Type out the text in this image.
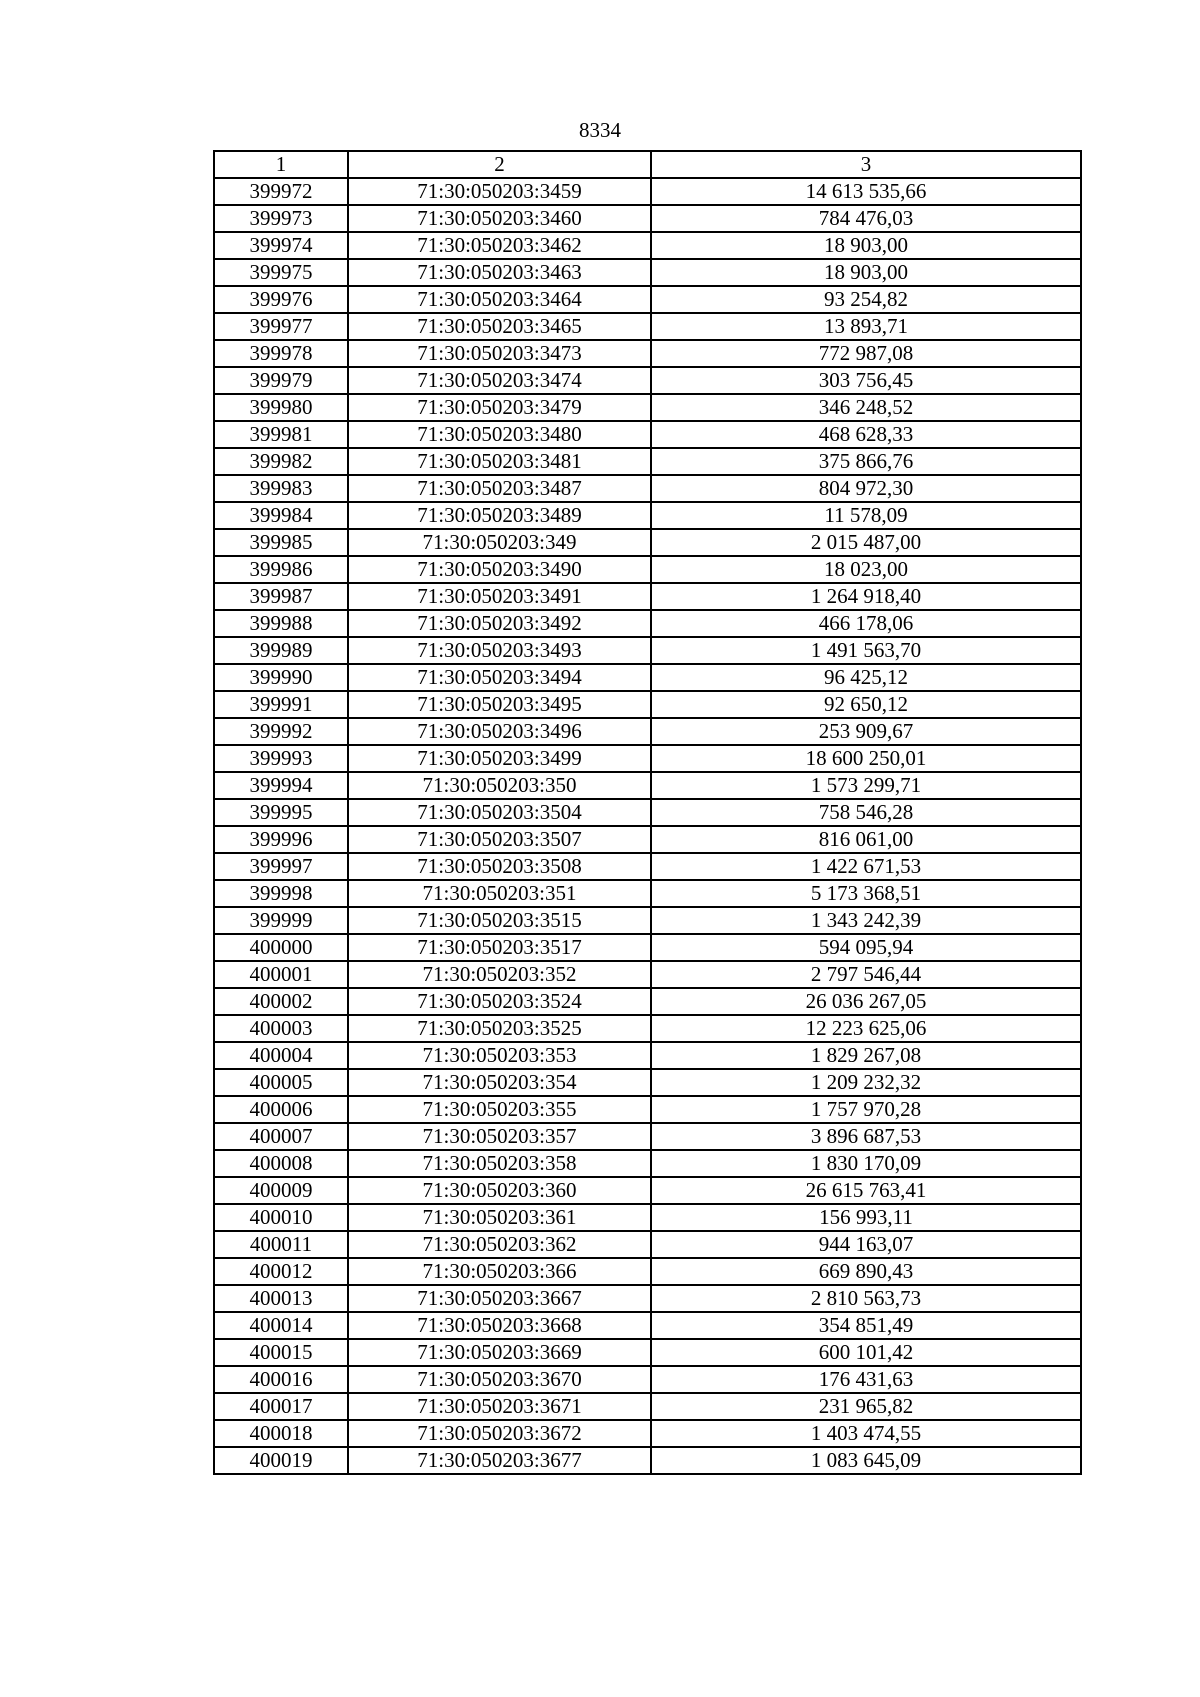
8334
1	2	3
399972	71:30:050203:3459	14 613 535,66
399973	71:30:050203:3460	784 476,03
399974	71:30:050203:3462	18 903,00
399975	71:30:050203:3463	18 903,00
399976	71:30:050203:3464	93 254,82
399977	71:30:050203:3465	13 893,71
399978	71:30:050203:3473	772 987,08
399979	71:30:050203:3474	303 756,45
399980	71:30:050203:3479	346 248,52
399981	71:30:050203:3480	468 628,33
399982	71:30:050203:3481	375 866,76
399983	71:30:050203:3487	804 972,30
399984	71:30:050203:3489	11 578,09
399985	71:30:050203:349	2 015 487,00
399986	71:30:050203:3490	18 023,00
399987	71:30:050203:3491	1 264 918,40
399988	71:30:050203:3492	466 178,06
399989	71:30:050203:3493	1 491 563,70
399990	71:30:050203:3494	96 425,12
399991	71:30:050203:3495	92 650,12
399992	71:30:050203:3496	253 909,67
399993	71:30:050203:3499	18 600 250,01
399994	71:30:050203:350	1 573 299,71
399995	71:30:050203:3504	758 546,28
399996	71:30:050203:3507	816 061,00
399997	71:30:050203:3508	1 422 671,53
399998	71:30:050203:351	5 173 368,51
399999	71:30:050203:3515	1 343 242,39
400000	71:30:050203:3517	594 095,94
400001	71:30:050203:352	2 797 546,44
400002	71:30:050203:3524	26 036 267,05
400003	71:30:050203:3525	12 223 625,06
400004	71:30:050203:353	1 829 267,08
400005	71:30:050203:354	1 209 232,32
400006	71:30:050203:355	1 757 970,28
400007	71:30:050203:357	3 896 687,53
400008	71:30:050203:358	1 830 170,09
400009	71:30:050203:360	26 615 763,41
400010	71:30:050203:361	156 993,11
400011	71:30:050203:362	944 163,07
400012	71:30:050203:366	669 890,43
400013	71:30:050203:3667	2 810 563,73
400014	71:30:050203:3668	354 851,49
400015	71:30:050203:3669	600 101,42
400016	71:30:050203:3670	176 431,63
400017	71:30:050203:3671	231 965,82
400018	71:30:050203:3672	1 403 474,55
400019	71:30:050203:3677	1 083 645,09
